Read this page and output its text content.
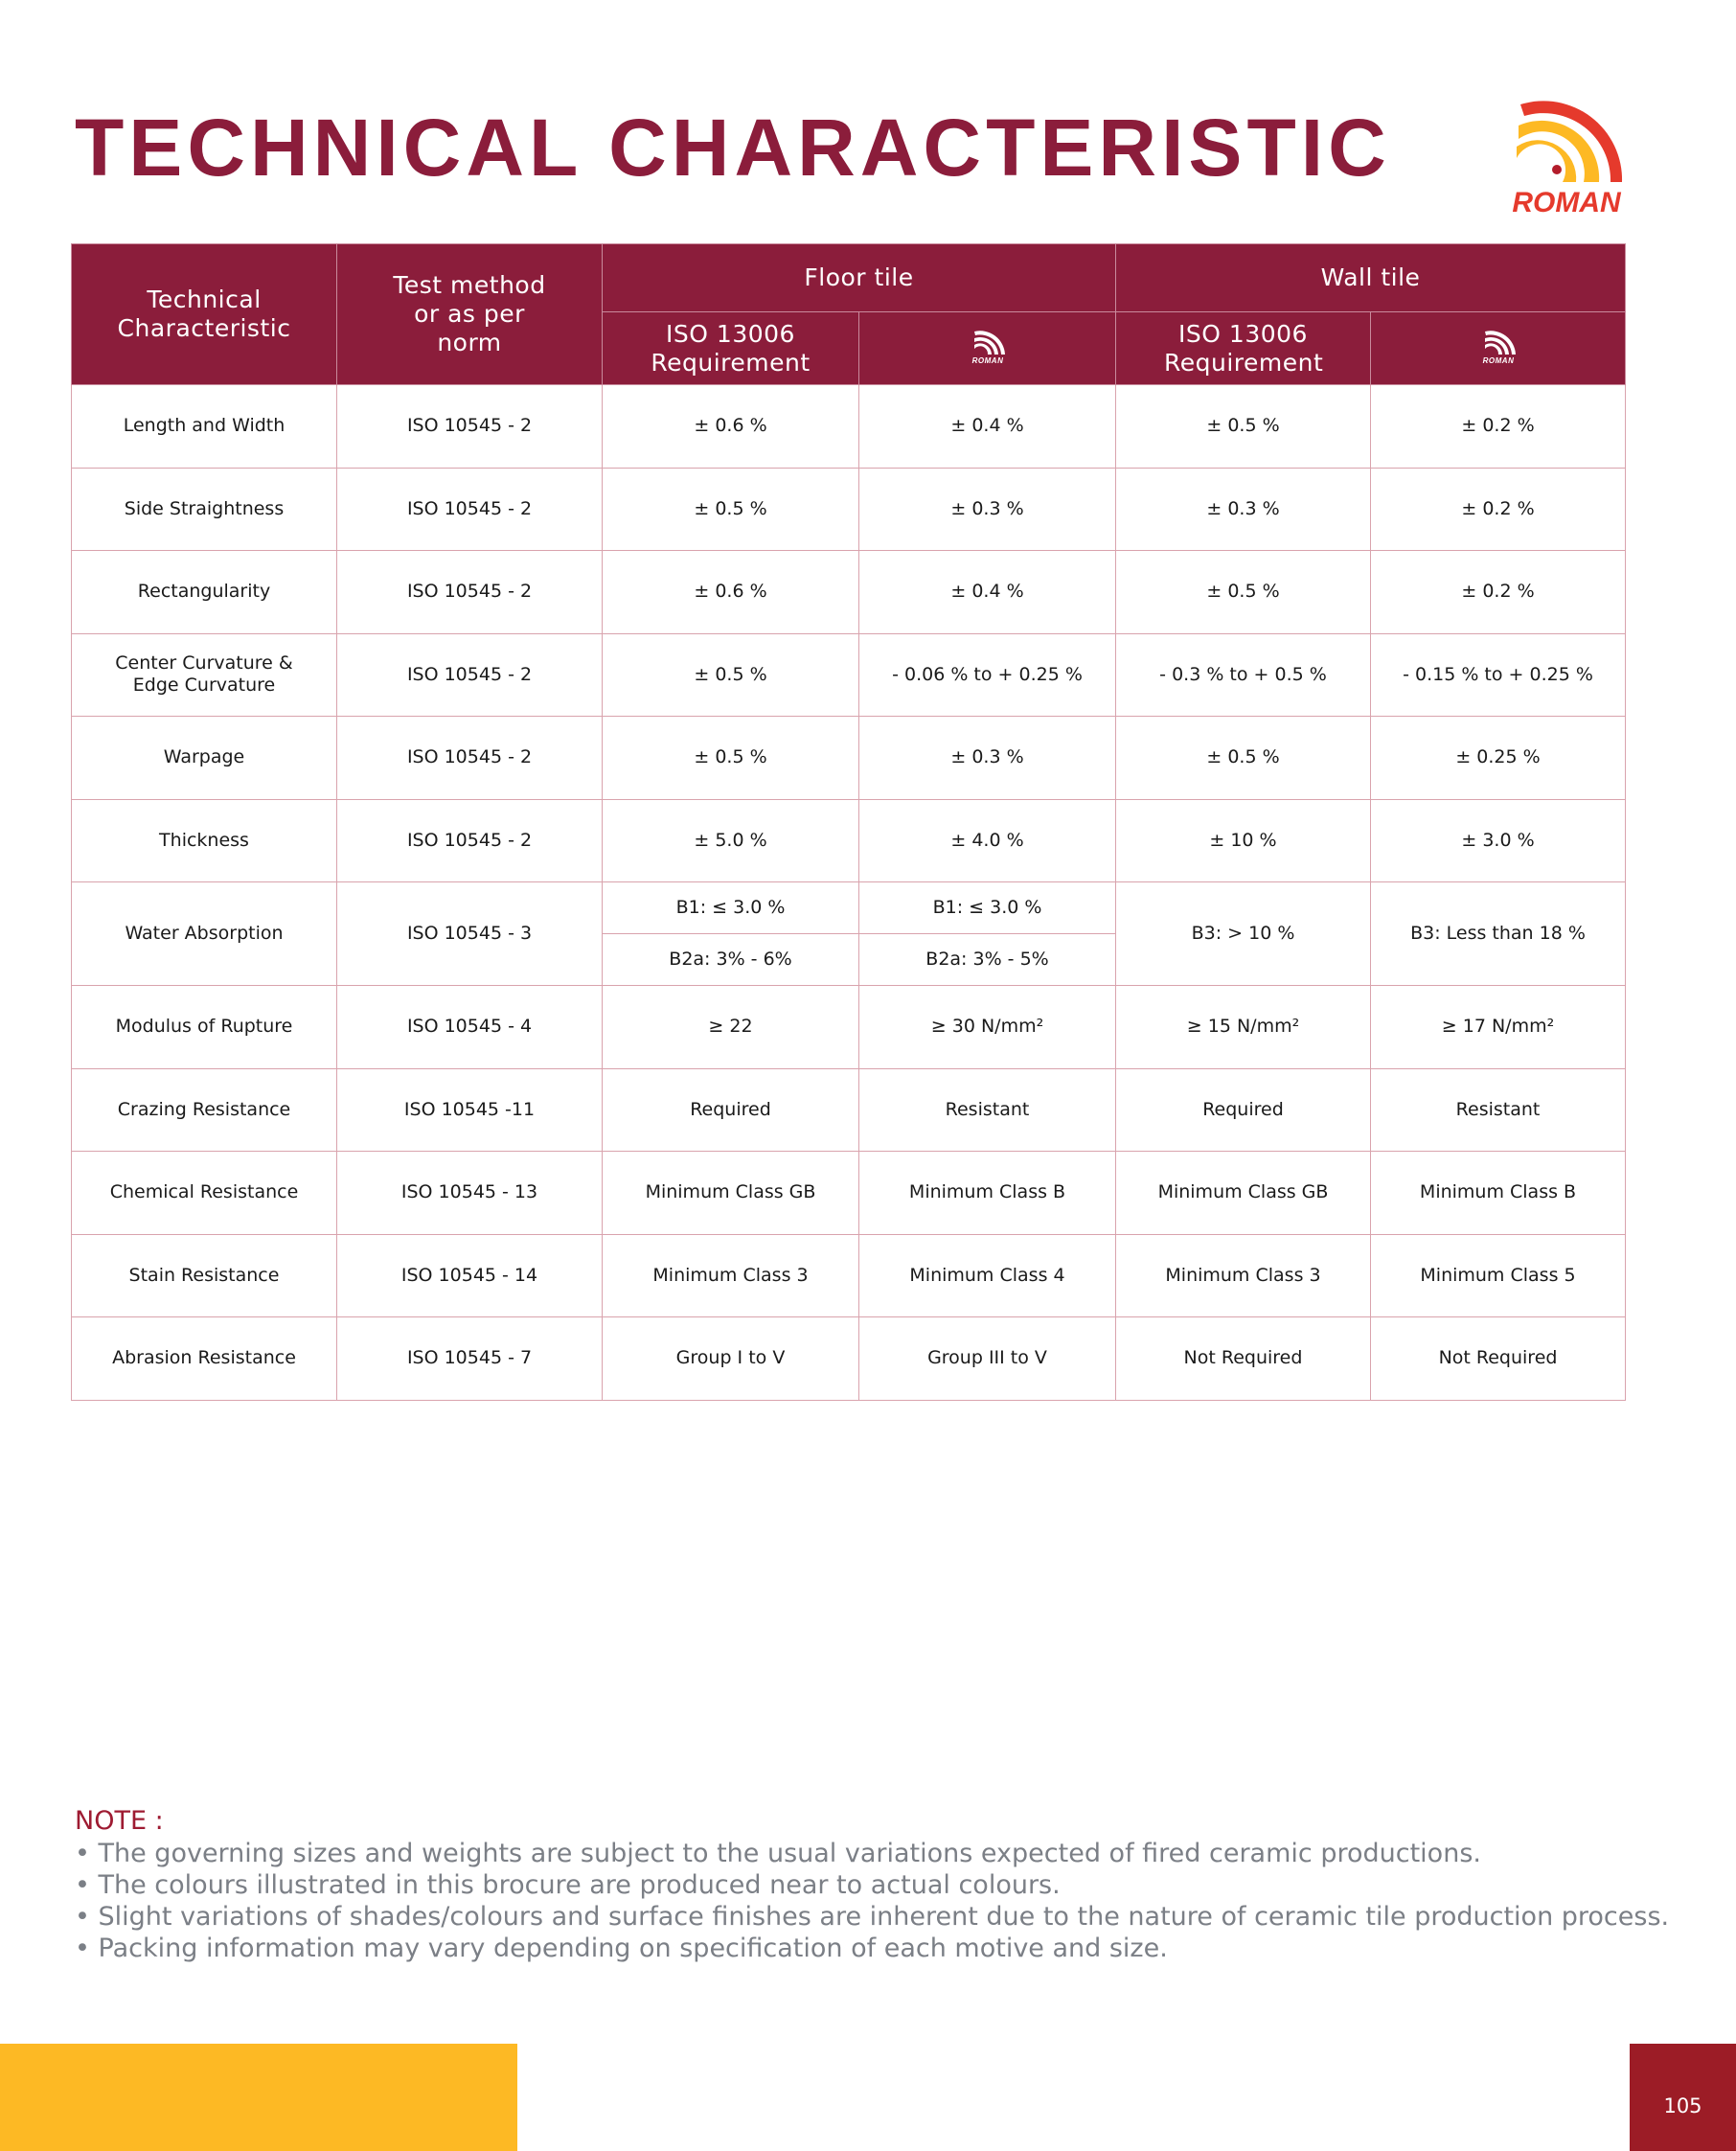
TECHNICAL CHARACTERISTIC
ROMAN
Technical Characteristic	Test method or as per norm	Floor tile		Wall tile	
		ISO 13006 Requirement	ROMAN	ISO 13006 Requirement	ROMAN

Length and Width	ISO 10545 - 2	± 0.6 %	± 0.4 %	± 0.5 %	± 0.2 %
Side Straightness	ISO 10545 - 2	± 0.5 %	± 0.3 %	± 0.3 %	± 0.2 %
Rectangularity	ISO 10545 - 2	± 0.6 %	± 0.4 %	± 0.5 %	± 0.2 %
Center Curvature & Edge Curvature	ISO 10545 - 2	± 0.5 %	- 0.06 % to + 0.25 %	- 0.3 % to + 0.5 %	- 0.15 % to + 0.25 %
Warpage	ISO 10545 - 2	± 0.5 %	± 0.3 %	± 0.5 %	± 0.25 %
Thickness	ISO 10545 - 2	± 5.0 %	± 4.0 %	± 10 %	± 3.0 %
Water Absorption	ISO 10545 - 3	B1: ≤ 3.0 %	B1: ≤ 3.0 %	B3: > 10 %	B3: Less than 18 %
		B2a: 3% - 6%	B2a: 3% - 5%		
Modulus of Rupture	ISO 10545 - 4	≥ 22	≥ 30 N/mm²	≥ 15 N/mm²	≥ 17 N/mm²
Crazing Resistance	ISO 10545 -11	Required	Resistant	Required	Resistant
Chemical Resistance	ISO 10545 - 13	Minimum Class GB	Minimum Class B	Minimum Class GB	Minimum Class B
Stain Resistance	ISO 10545 - 14	Minimum Class 3	Minimum Class 4	Minimum Class 3	Minimum Class 5
Abrasion Resistance	ISO 10545 - 7	Group I to V	Group III to V	Not Required	Not Required
NOTE :
• The governing sizes and weights are subject to the usual variations expected of fired ceramic productions.
• The colours illustrated in this brocure are produced near to actual colours.
• Slight variations of shades/colours and surface finishes are inherent due to the nature of ceramic tile production process.
• Packing information may vary depending on specification of each motive and size.
105
